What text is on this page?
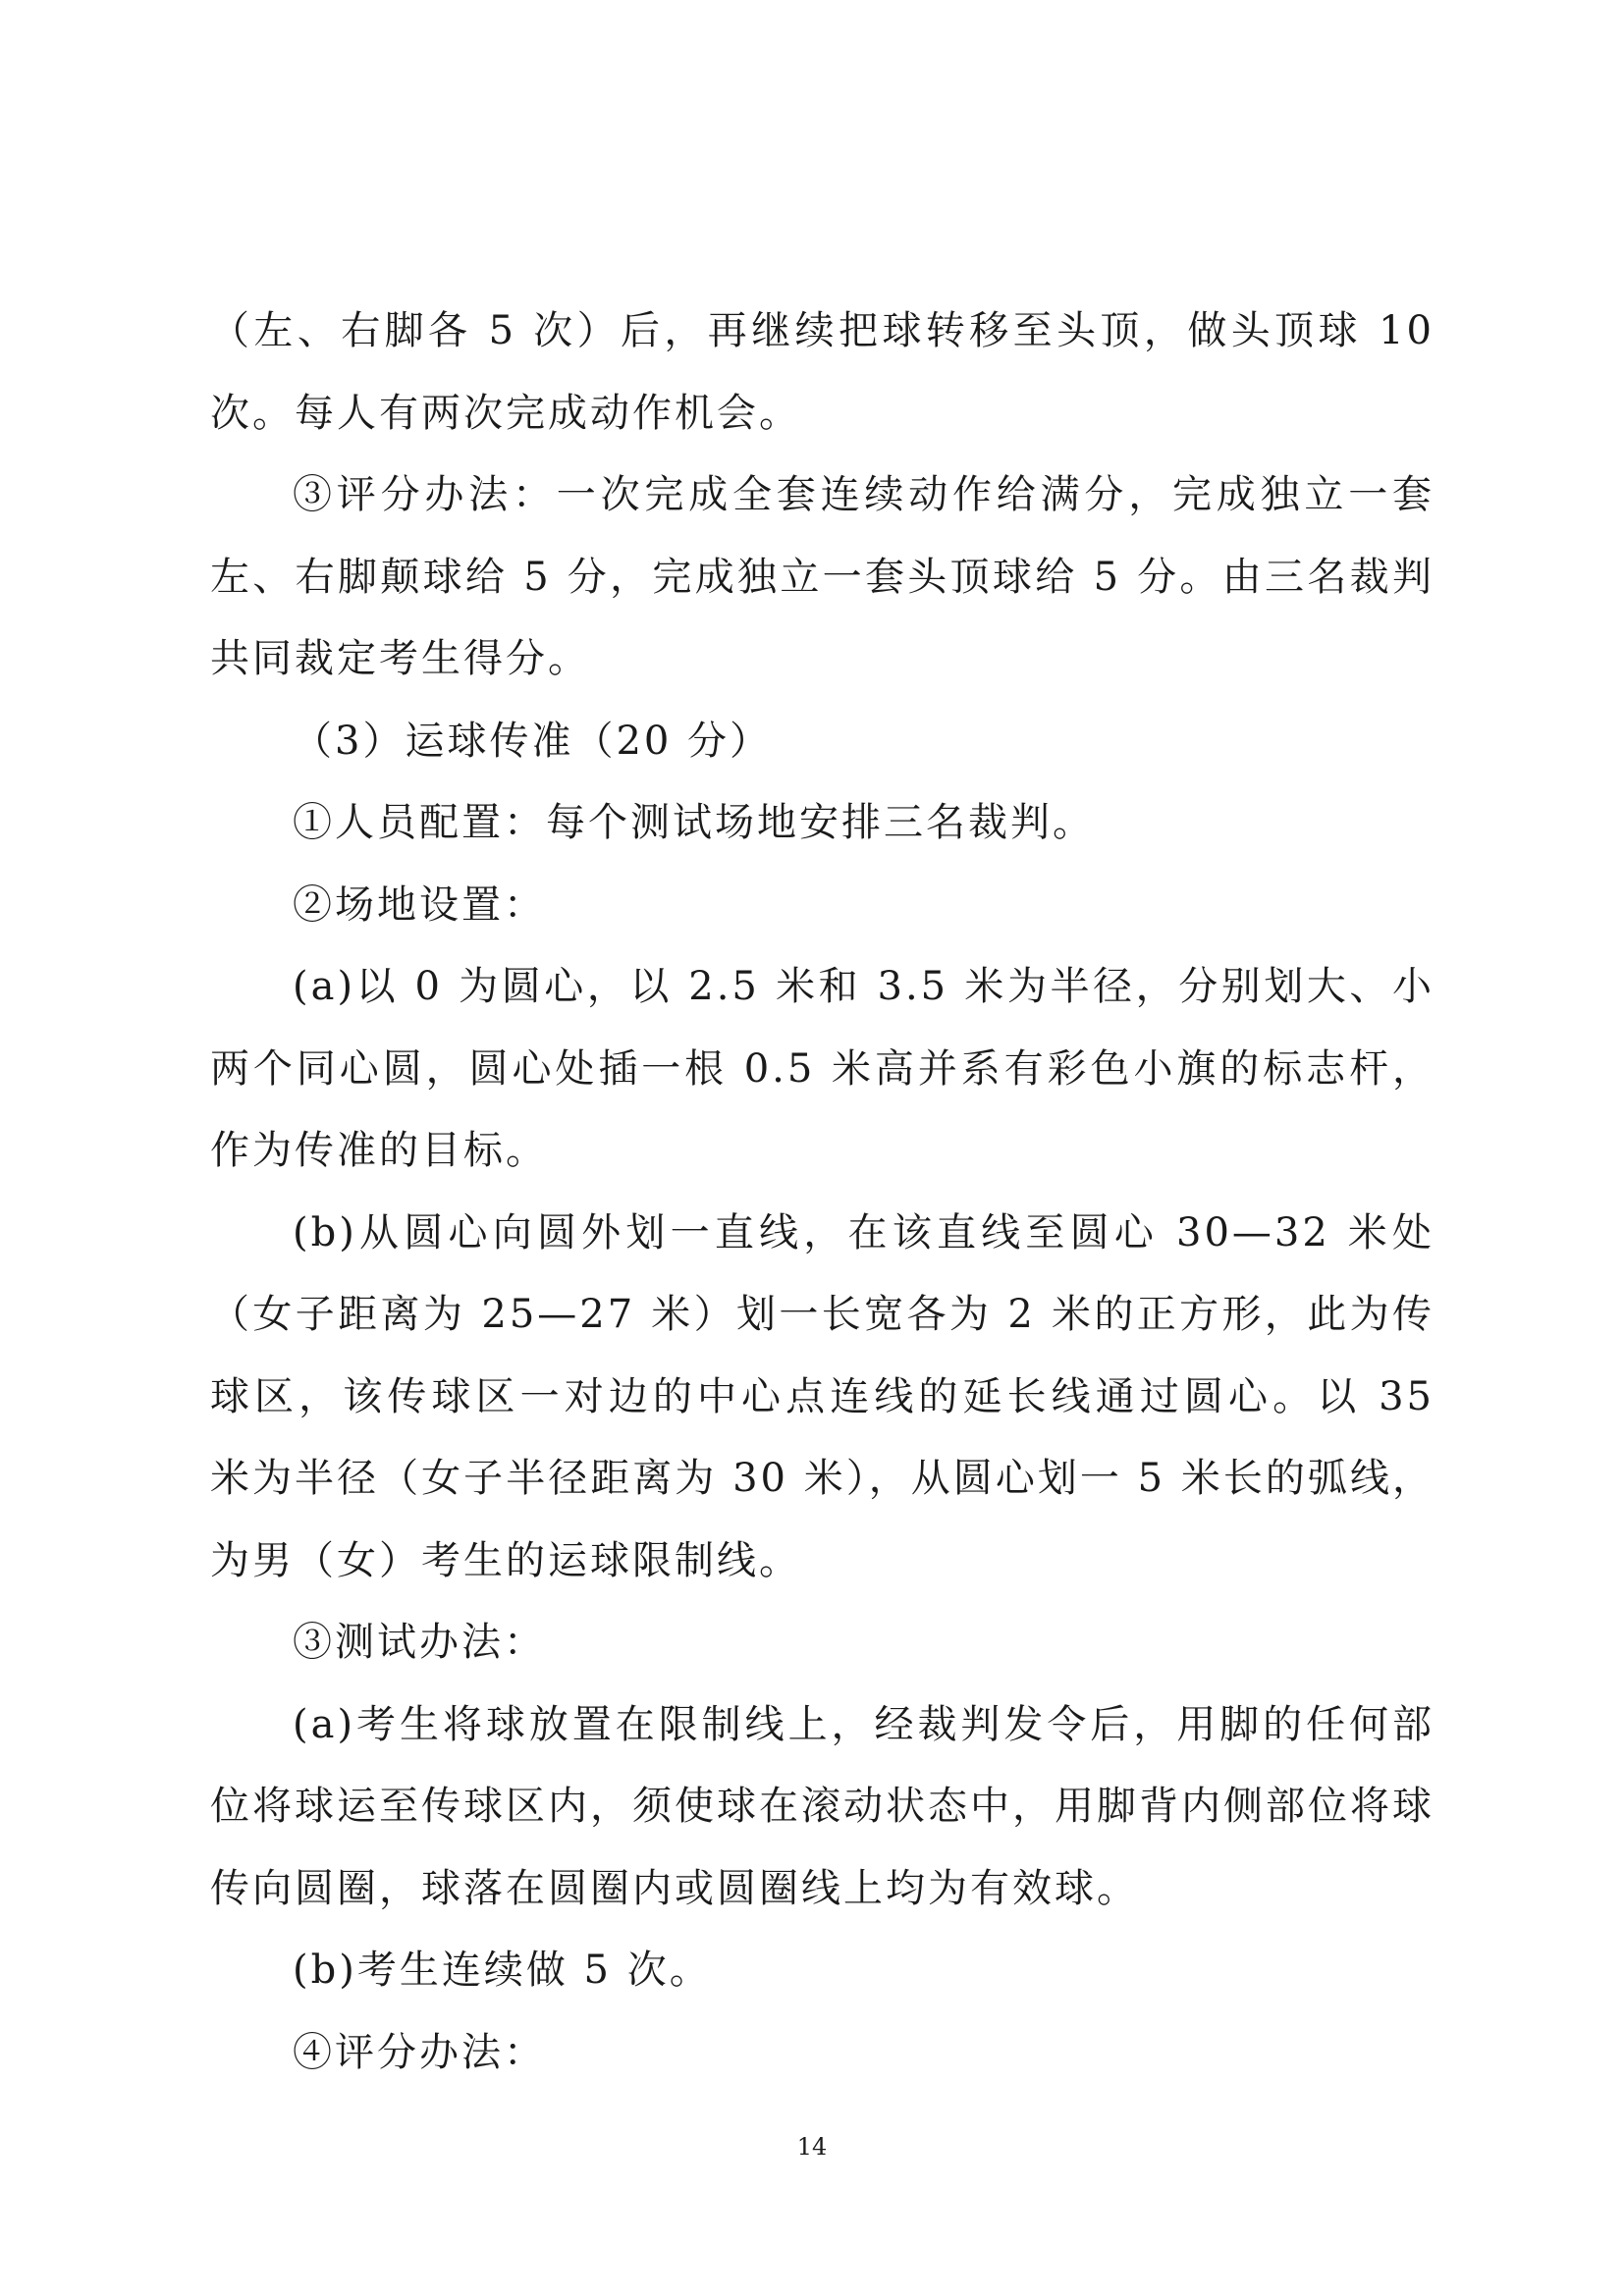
（左、右脚各 5 次）后，再继续把球转移至头顶，做头顶球 10 次。每人有两次完成动作机会。

③评分办法：一次完成全套连续动作给满分，完成独立一套左、右脚颠球给 5 分，完成独立一套头顶球给 5 分。由三名裁判共同裁定考生得分。

（3）运球传准（20 分）

①人员配置：每个测试场地安排三名裁判。

②场地设置：

(a)以 0 为圆心，以 2.5 米和 3.5 米为半径，分别划大、小两个同心圆，圆心处插一根 0.5 米高并系有彩色小旗的标志杆，作为传准的目标。

(b)从圆心向圆外划一直线，在该直线至圆心 30—32 米处（女子距离为 25—27 米）划一长宽各为 2 米的正方形，此为传球区，该传球区一对边的中心点连线的延长线通过圆心。以 35 米为半径（女子半径距离为 30 米），从圆心划一 5 米长的弧线，为男（女）考生的运球限制线。

③测试办法：

(a)考生将球放置在限制线上，经裁判发令后，用脚的任何部位将球运至传球区内，须使球在滚动状态中，用脚背内侧部位将球传向圆圈，球落在圆圈内或圆圈线上均为有效球。

(b)考生连续做 5 次。

④评分办法：

14
